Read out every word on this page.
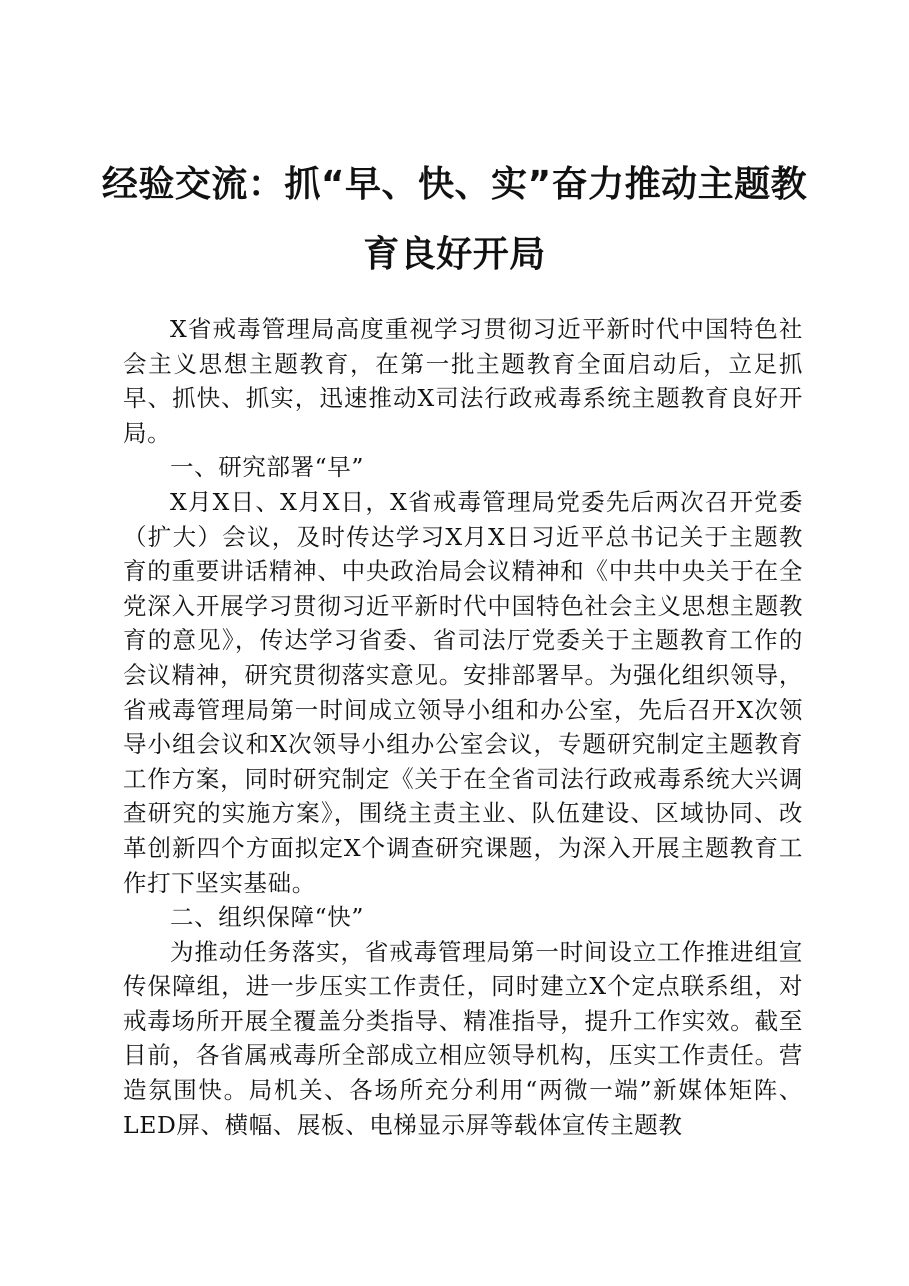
经验交流：抓“早、快、实”奋力推动主题教育良好开局

X省戒毒管理局高度重视学习贯彻习近平新时代中国特色社会主义思想主题教育，在第一批主题教育全面启动后，立足抓早、抓快、抓实，迅速推动X司法行政戒毒系统主题教育良好开局。

一、研究部署“早”

X月X日、X月X日，X省戒毒管理局党委先后两次召开党委（扩大）会议，及时传达学习X月X日习近平总书记关于主题教育的重要讲话精神、中央政治局会议精神和《中共中央关于在全党深入开展学习贯彻习近平新时代中国特色社会主义思想主题教育的意见》，传达学习省委、省司法厅党委关于主题教育工作的会议精神，研究贯彻落实意见。安排部署早。为强化组织领导，省戒毒管理局第一时间成立领导小组和办公室，先后召开X次领导小组会议和X次领导小组办公室会议，专题研究制定主题教育工作方案，同时研究制定《关于在全省司法行政戒毒系统大兴调查研究的实施方案》，围绕主责主业、队伍建设、区域协同、改革创新四个方面拟定X个调查研究课题，为深入开展主题教育工作打下坚实基础。

二、组织保障“快”

为推动任务落实，省戒毒管理局第一时间设立工作推进组宣传保障组，进一步压实工作责任，同时建立X个定点联系组，对戒毒场所开展全覆盖分类指导、精准指导，提升工作实效。截至目前，各省属戒毒所全部成立相应领导机构，压实工作责任。营造氛围快。局机关、各场所充分利用“两微一端”新媒体矩阵、LED屏、横幅、展板、电梯显示屏等载体宣传主题教
